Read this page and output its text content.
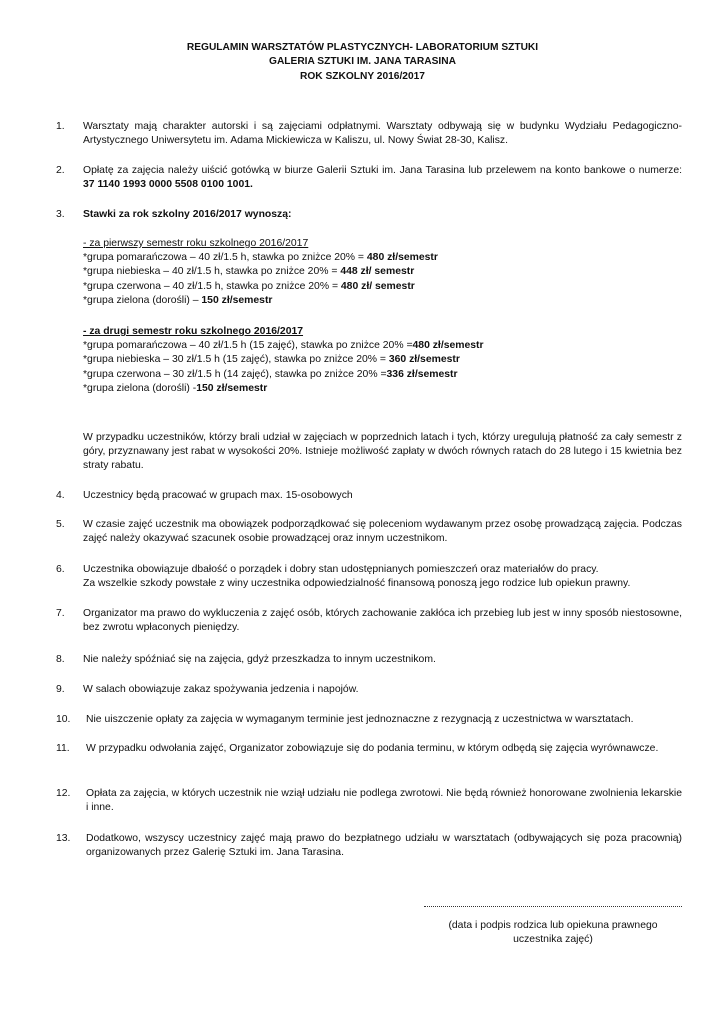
REGULAMIN WARSZTATÓW PLASTYCZNYCH- LABORATORIUM SZTUKI
GALERIA SZTUKI IM. JANA TARASINA
ROK SZKOLNY 2016/2017
1.	Warsztaty mają charakter autorski i są zajęciami odpłatnymi. Warsztaty odbywają się w budynku Wydziału Pedagogiczno-Artystycznego Uniwersytetu im. Adama Mickiewicza w Kaliszu, ul. Nowy Świat 28-30, Kalisz.

2.	Opłatę za zajęcia należy uiścić gotówką w biurze Galerii Sztuki im. Jana Tarasina lub przelewem na konto bankowe o numerze: 37 1140 1993 0000 5508 0100 1001.

3.	Stawki za rok szkolny 2016/2017 wynoszą:
- za pierwszy semestr roku szkolnego 2016/2017
*grupa pomarańczowa – 40 zł/1.5 h, stawka po zniżce 20% = 480 zł/semestr
*grupa niebieska – 40 zł/1.5 h, stawka po zniżce 20% = 448 zł/ semestr
*grupa czerwona – 40 zł/1.5 h, stawka po zniżce 20% = 480 zł/ semestr
*grupa zielona (dorośli) – 150 zł/semestr
- za drugi semestr roku szkolnego 2016/2017
*grupa pomarańczowa – 40 zł/1.5 h (15 zajęć), stawka po zniżce 20% =480 zł/semestr
*grupa niebieska – 30 zł/1.5 h (15 zajęć), stawka po zniżce 20% = 360 zł/semestr
*grupa czerwona – 30 zł/1.5 h (14 zajęć), stawka po zniżce 20% =336 zł/semestr
*grupa zielona (dorośli) -150 zł/semestr

W przypadku uczestników, którzy brali udział w zajęciach w poprzednich latach i tych, którzy uregulują płatność za cały semestr z góry, przyznawany jest rabat w wysokości 20%. Istnieje możliwość zapłaty w dwóch równych ratach do 28 lutego i 15 kwietnia bez straty rabatu.

4.	Uczestnicy będą pracować w grupach max. 15-osobowych

5.	W czasie zajęć uczestnik ma obowiązek podporządkować się poleceniom wydawanym przez osobę prowadzącą zajęcia. Podczas zajęć należy okazywać szacunek osobie prowadzącej oraz innym uczestnikom.

6.	Uczestnika obowiązuje dbałość o porządek i dobry stan udostępnianych pomieszczeń oraz materiałów do pracy.
Za wszelkie szkody powstałe z winy uczestnika odpowiedzialność finansową ponoszą jego rodzice lub opiekun prawny.
7.	Organizator ma prawo do wykluczenia z zajęć osób, których zachowanie zakłóca ich przebieg lub jest w inny sposób niestosowne, bez zwrotu wpłaconych pieniędzy.

8.	Nie należy spóźniać się na zajęcia, gdyż przeszkadza to innym uczestnikom.

9.	W salach obowiązuje zakaz spożywania jedzenia i napojów.

10.	Nie uiszczenie opłaty za zajęcia w wymaganym terminie jest jednoznaczne z rezygnacją z uczestnictwa w warsztatach.

11.	W przypadku odwołania zajęć, Organizator zobowiązuje się do podania terminu, w którym odbędą się zajęcia wyrównawcze.

12.	Opłata za zajęcia, w których uczestnik nie wziął udziału nie podlega zwrotowi. Nie będą również honorowane zwolnienia lekarskie i inne.

13.	Dodatkowo, wszyscy uczestnicy zajęć mają prawo do bezpłatnego udziału w warsztatach (odbywających się poza pracownią) organizowanych przez Galerię Sztuki im. Jana Tarasina.

(data i podpis rodzica lub opiekuna prawnego
uczestnika zajęć)
